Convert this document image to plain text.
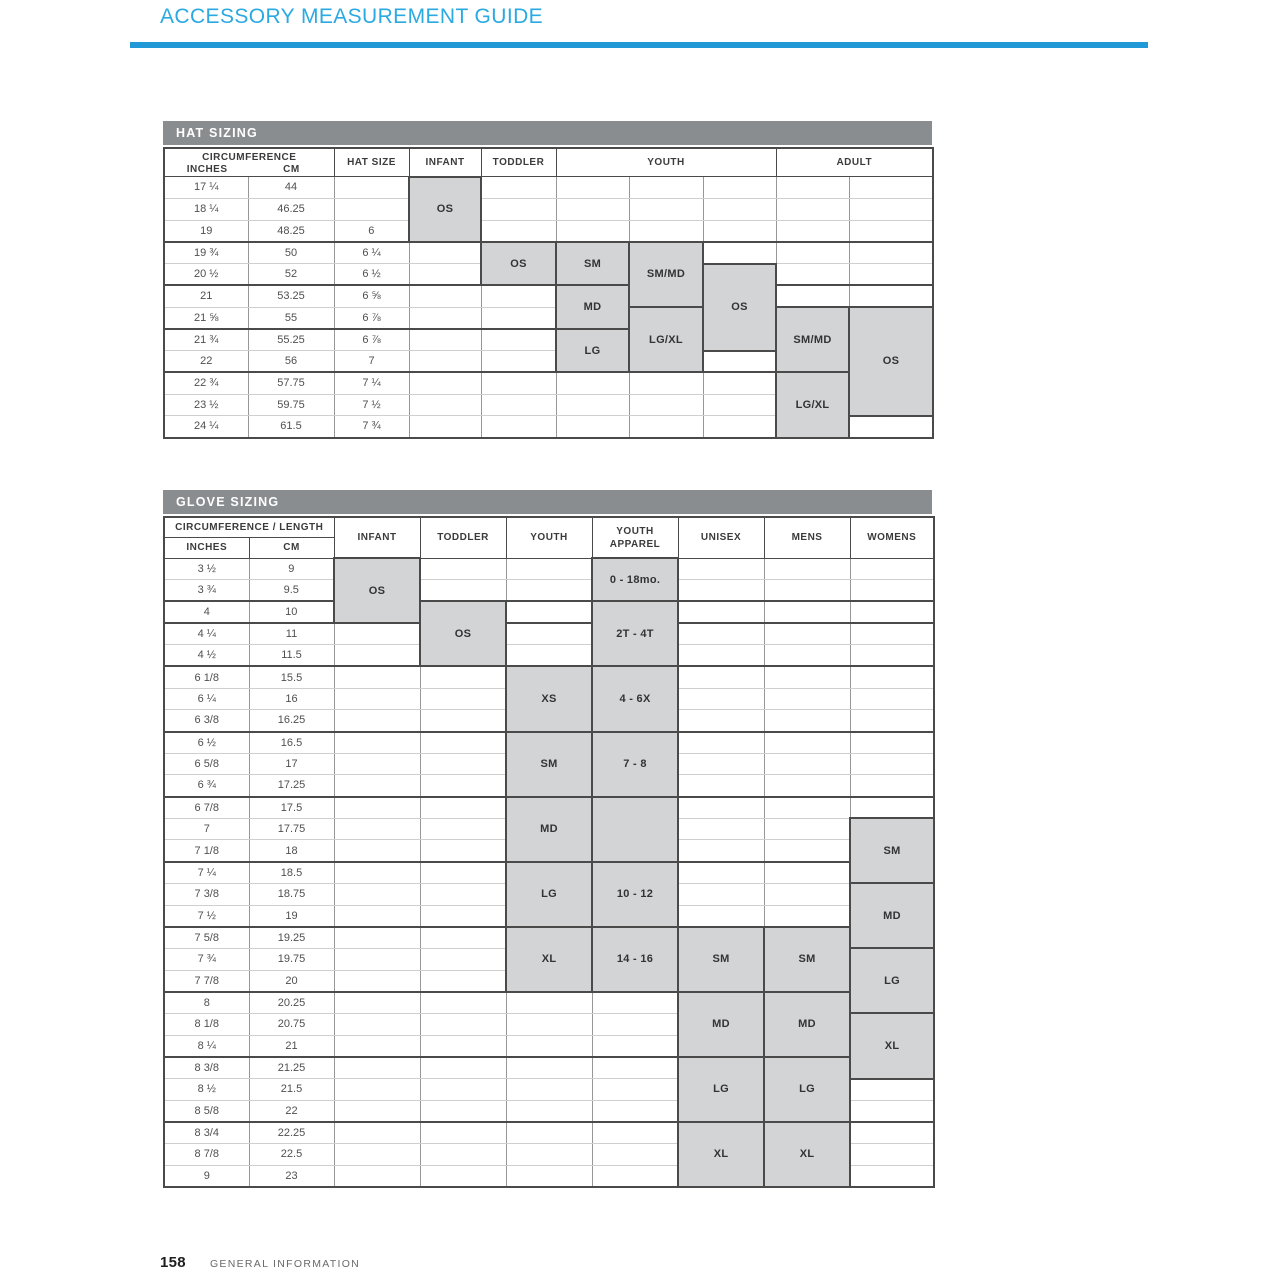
ACCESSORY MEASUREMENT GUIDE
HAT SIZING
CIRCUMFERENCE
INCHES CM		HAT SIZE	INFANT	TODDLER	YOUTH			ADULT	
17 ¼	44		OS						
18 ¼	46.25								
19	48.25	6							
19 ¾	50	6 ¼		OS	SM	SM/MD			
20 ½	52	6 ½					OS		
21	53.25	6 ⅝			MD				
21 ⅝	55	6 ⅞				LG/XL		SM/MD	OS
21 ¾	55.25	6 ⅞			LG				
22	56	7							
22 ¾	57.75	7 ¼						LG/XL	
23 ½	59.75	7 ½							
24 ¼	61.5	7 ¾							
GLOVE SIZING
CIRCUMFERENCE / LENGTH		INFANT	TODDLER	YOUTH	YOUTH
APPAREL	UNISEX	MENS	WOMENS

INCHES	CM							
3 ½	9	OS			0 - 18mo.			
3 ¾	9.5							
4	10		OS		2T - 4T			
4 ¼	11							
4 ½	11.5							
6 1/8	15.5			XS	4 - 6X			
6 ¼	16							
6 3/8	16.25							
6 ½	16.5			SM	7 - 8			
6 5/8	17							
6 ¾	17.25							
6 7/8	17.5			MD				
7	17.75							SM
7 1/8	18							
7 ¼	18.5			LG	10 - 12			
7 3/8	18.75							MD
7 ½	19							
7 5/8	19.25			XL	14 - 16	SM	SM	
7 ¾	19.75							LG
7 7/8	20							
8	20.25					MD	MD	
8 1/8	20.75							XL
8 ¼	21							
8 3/8	21.25					LG	LG	
8 ½	21.5							
8 5/8	22							
8 3/4	22.25					XL	XL	
8 7/8	22.5							
9	23							
158 GENERAL INFORMATION
